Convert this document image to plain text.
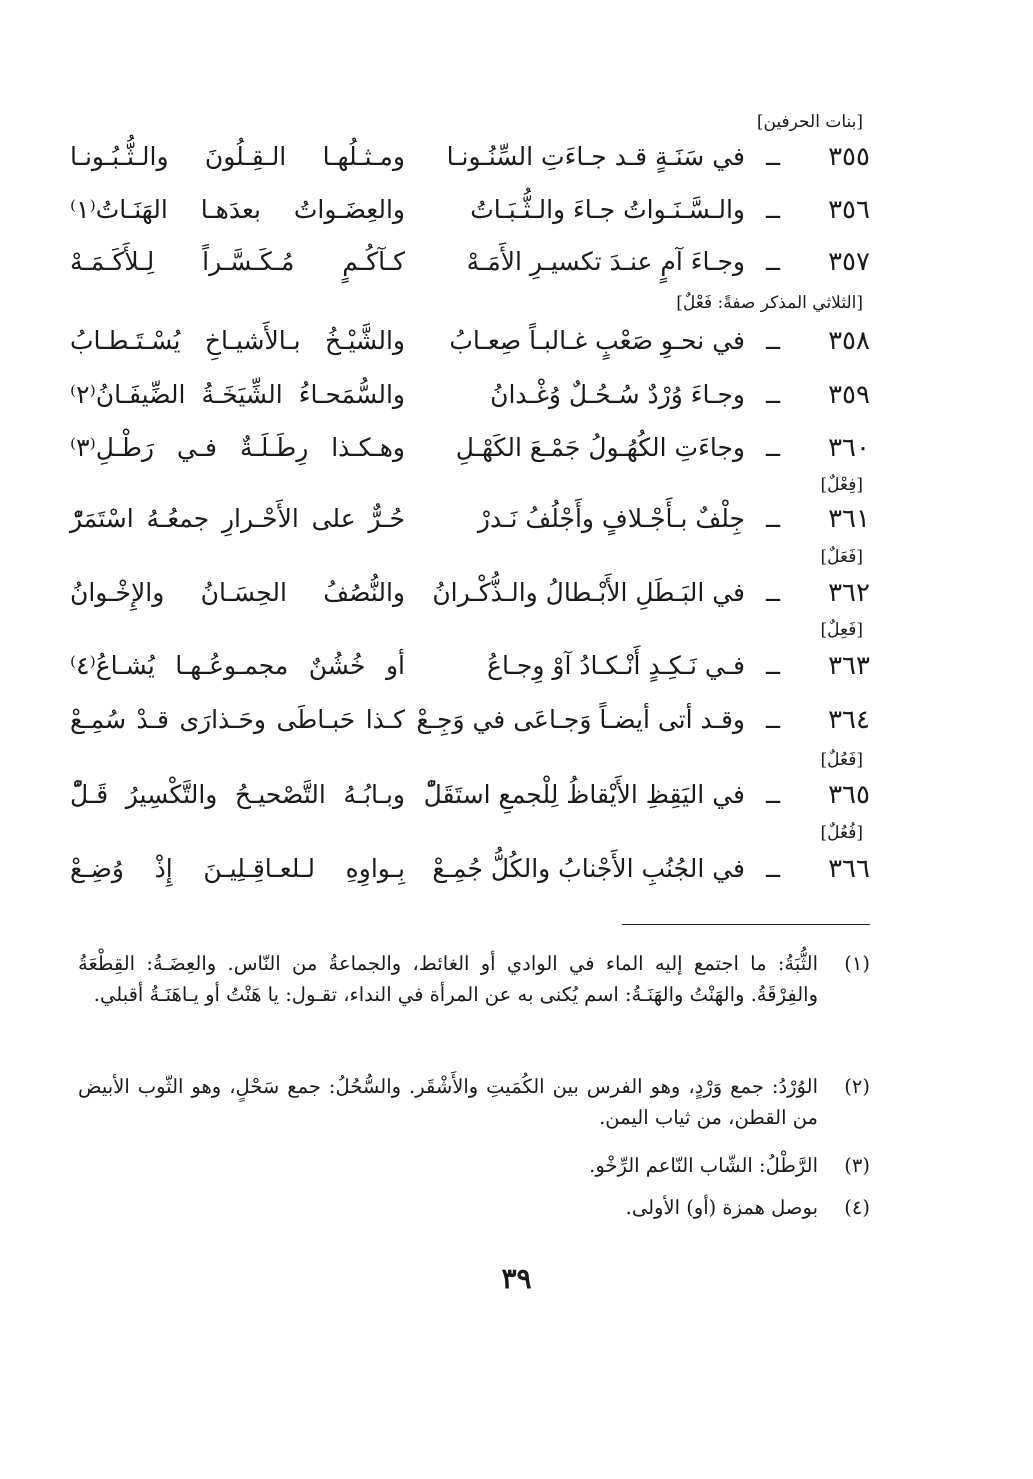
[بنات الحرفين]
٣٥٥
ــ
في سَنَـةٍ قـد جـاءَتِ السِّنُـونـا
ومـثـلُهـا الـقِـلُونَ والـثُّـبُـونـا
٣٥٦
ــ
والـسَّـنَـواتُ جـاءَ والـثُّـبَـاتُ
والعِضَـواتُ بعدَهـا الهَنَـاتُ⁽١⁾
٣٥٧
ــ
وجـاءَ آمٍ عنـدَ تكسيـرِ الأَمَـهْ
كـآكُـمٍ مُـكَـسَّـراً لِـلأَكَـمَـهْ
[الثلاثي المذكر صفةً: فَعْلٌ]
٣٥٨
ــ
في نحـوِ صَعْبٍ غـالبـاً صِعـابُ
والشَّيْـخُ بـالأَشيـاخِ يُسْـتَـطـابُ
٣٥٩
ــ
وجـاءَ وُرْدٌ سُـحُـلٌ وُغْـدانُ
والسُّمَحـاءُ الشِّيَخَـةُ الضِّيفَـانُ⁽٢⁾
٣٦٠
ــ
وجاءَتِ الكُهُـولُ جَمْـعَ الكَهْـلِ
وهـكـذا رِطَـلَـةٌ فـي رَطْـلِ⁽٣⁾
[فِعْلٌ]
٣٦١
ــ
جِلْفٌ بـأَجْـلافٍ وأَجْلُفُ نَـدرْ
حُـرٌّ على الأَحْـرارِ جمعُـهُ اسْتَمَرّْ
[فَعَلٌ]
٣٦٢
ــ
في البَـطَلِ الأَبْـطالُ والـذُّكْـرانُ
والنُّصُفُ الحِسَـانُ والإِخْـوانُ
[فَعِلٌ]
٣٦٣
ــ
فـي نَـكِـدٍ أَنْـكـادُ آوْ وِجـاعُ
أو خُشُنٌ مجمـوعُـهـا يُشـاعُ⁽٤⁾
٣٦٤
ــ
وقـد أتى أيضـاً وَجـاعَى في وَجِـعْ
كـذا حَبـاطَى وحَـذارَى قـدْ سُمِـعْ
[فَعُلٌ]
٣٦٥
ــ
في اليَقِظِ الأَيْقاظُ لِلْجمعِ استَقَلّْ
وبـابُـهُ التَّصْحيـحُ والتَّكْسِيرُ قَـلّْ
[فُعُلٌ]
٣٦٦
ــ
في الجُنُبِ الأَجْنابُ والكُلُّ جُمِـعْ
بِـواوِهِ لـلعـاقِـلِيـنَ إِذْ وُضِـعْ
(١)
الثُّبَةُ: ما اجتمع إليه الماء في الوادي أو الغائط، والجماعةُ من النّاس. والعِضَـةُ: القِطْعَةُ والفِرْقَةُ. والهَنْتُ والهَنَـةُ: اسم يُكنى به عن المرأة في النداء، تقـول: يا هَنْتُ أو يـاهَنَـةُ أقبلي.
(٢)
الوُرْدُ: جمع وَرْدٍ، وهو الفرس بين الكُمَيتِ والأَشْقَر. والسُّحُلُ: جمع سَحْلٍ، وهو الثّوب الأبيض من القطن، من ثياب اليمن.
(٣)
الرَّطْلُ: الشّاب النّاعم الرِّخْو.
(٤)
بوصل همزة (أو) الأولى.
٣٩
